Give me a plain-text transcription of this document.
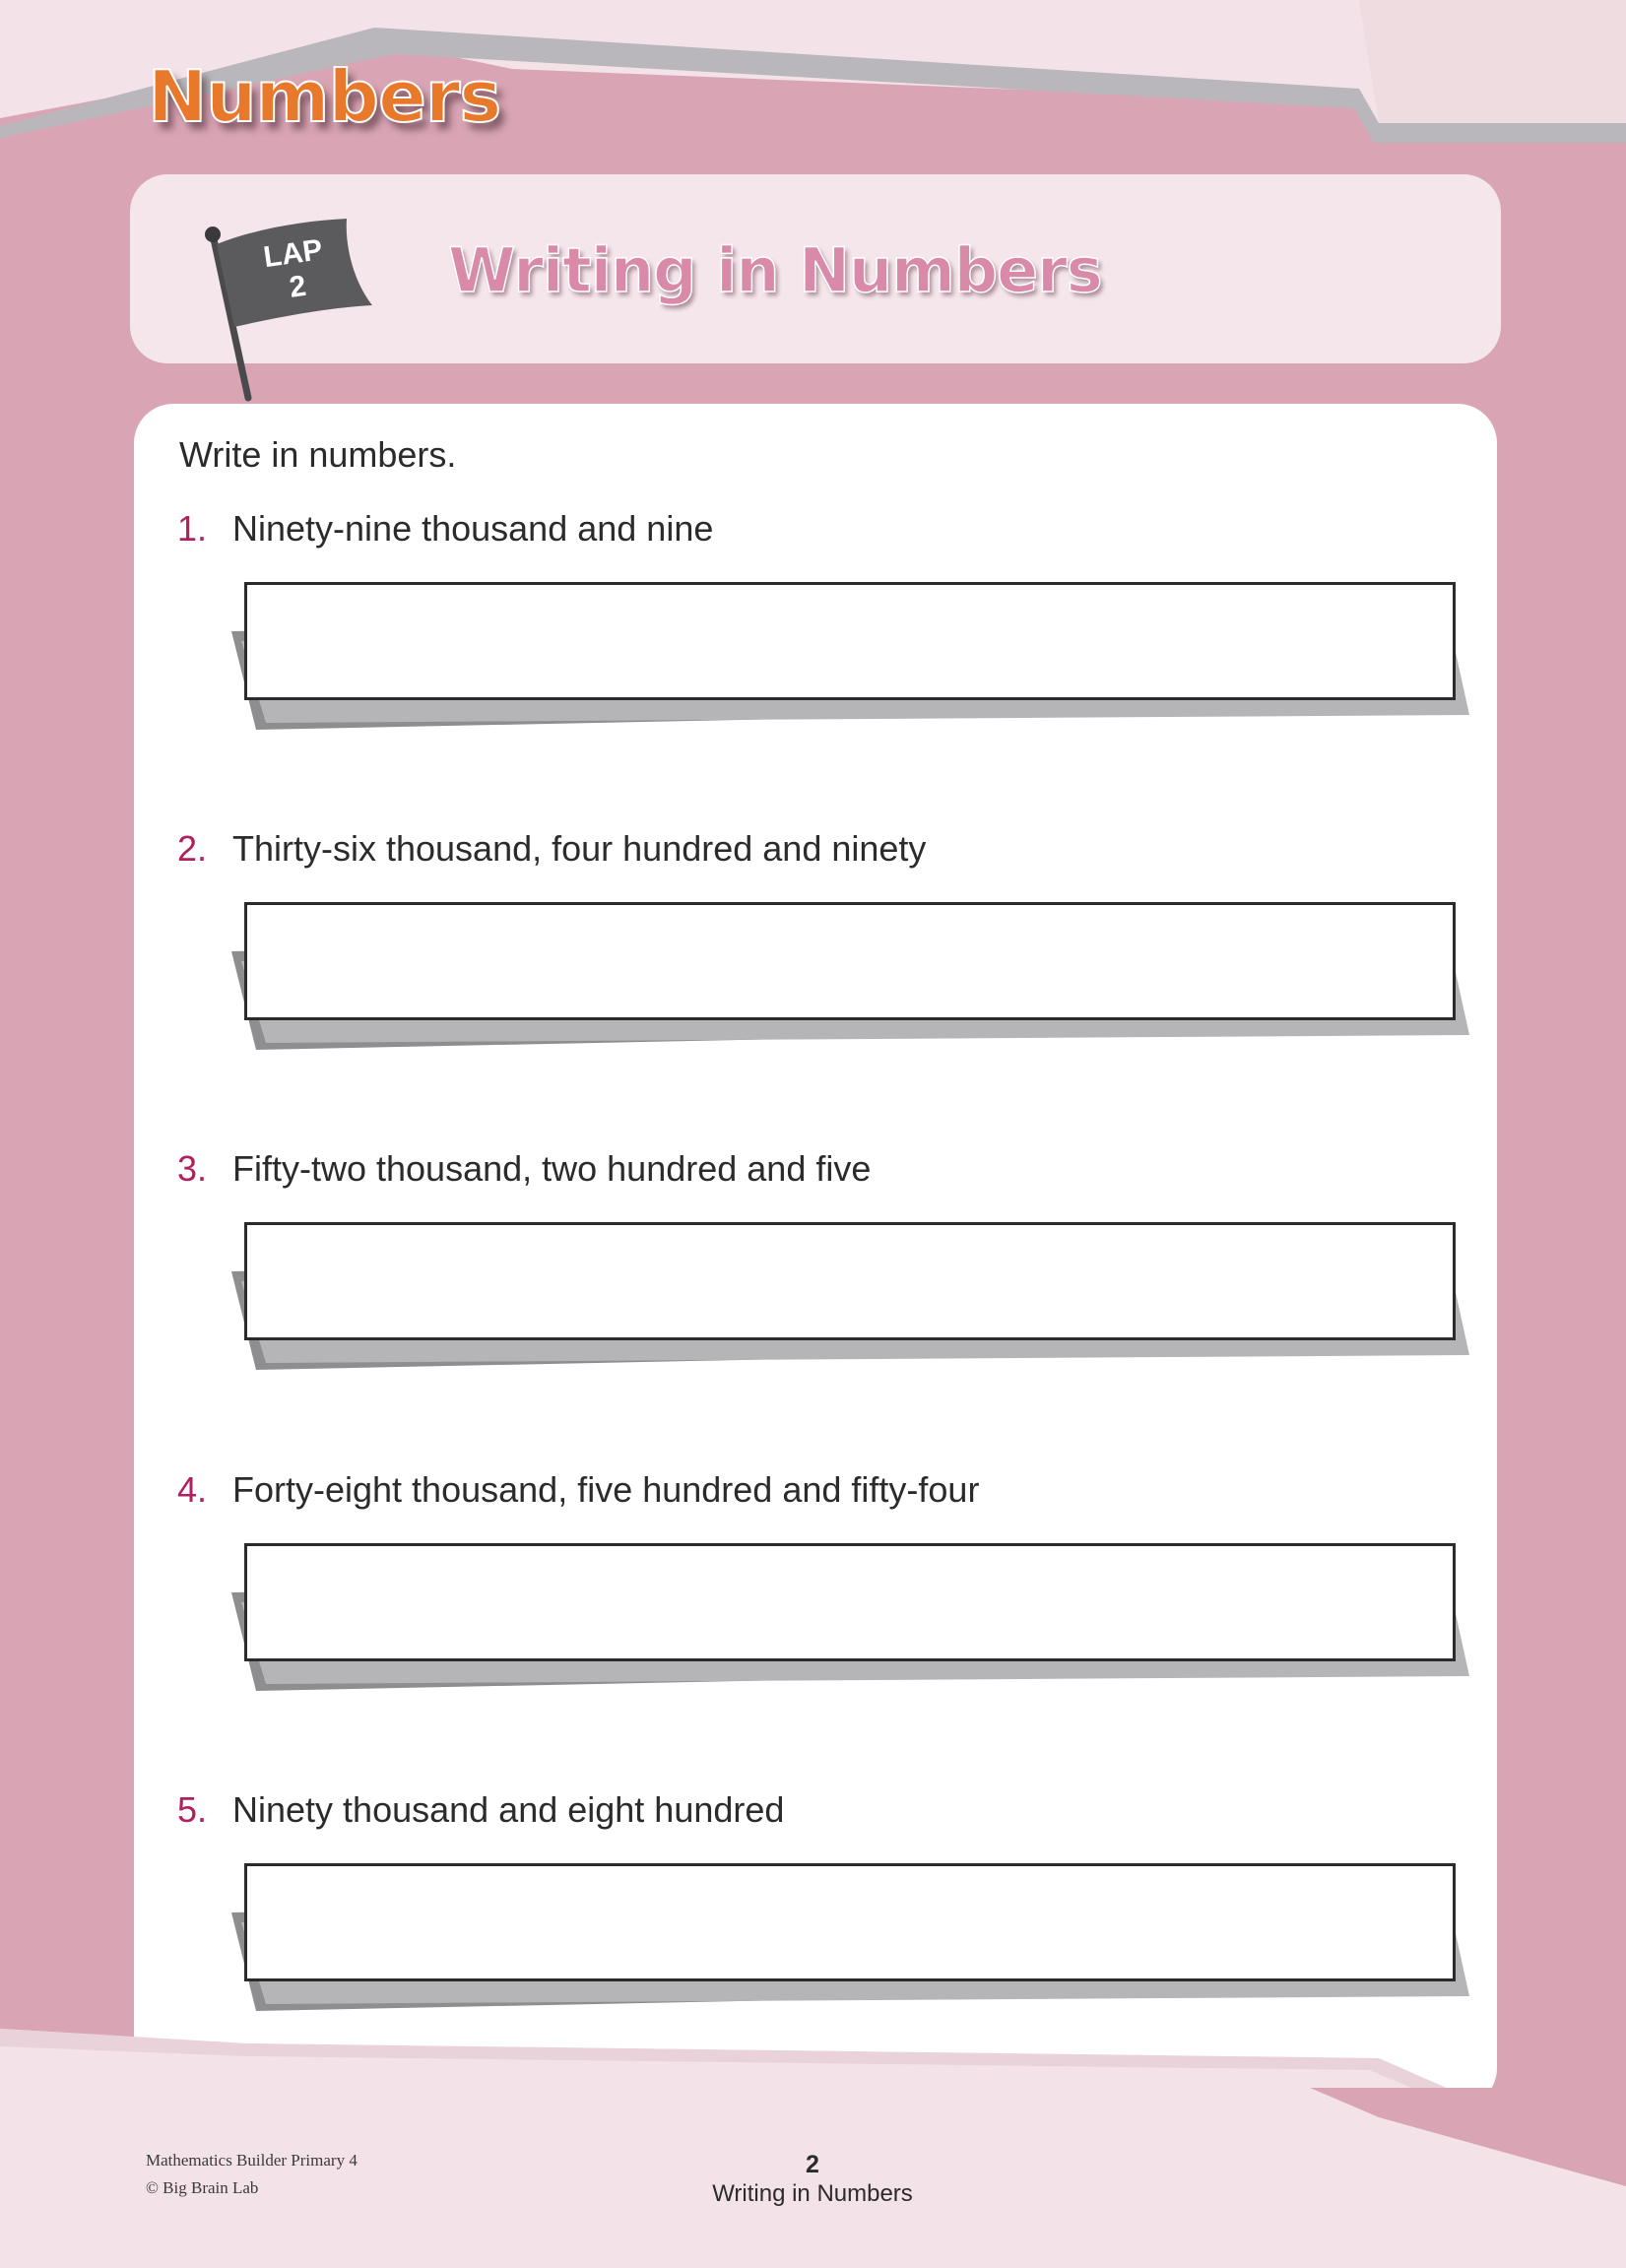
Numbers
LAP
2	Writing in Numbers
Write in numbers.
1. Ninety-nine thousand and nine
2. Thirty-six thousand, four hundred and ninety
3. Fifty-two thousand, two hundred and five
4. Forty-eight thousand, five hundred and fifty-four
5. Ninety thousand and eight hundred
Mathematics Builder Primary 4
© Big Brain Lab
2
Writing in Numbers
